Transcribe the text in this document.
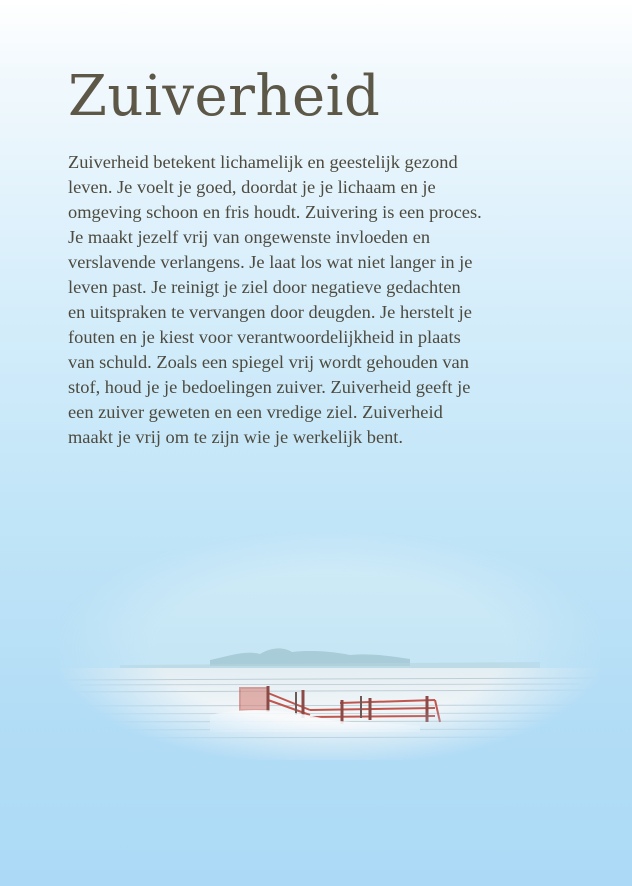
Zuiverheid

Zuiverheid betekent lichamelijk en geestelijk gezond
leven. Je voelt je goed, doordat je je lichaam en je
omgeving schoon en fris houdt. Zuivering is een proces.
Je maakt jezelf vrij van ongewenste invloeden en
verslavende verlangens. Je laat los wat niet langer in je
leven past. Je reinigt je ziel door negatieve gedachten
en uitspraken te vervangen door deugden. Je herstelt je
fouten en je kiest voor verantwoordelijkheid in plaats
van schuld. Zoals een spiegel vrij wordt gehouden van
stof, houd je je bedoelingen zuiver. Zuiverheid geeft je
een zuiver geweten en een vredige ziel. Zuiverheid
maakt je vrij om te zijn wie je werkelijk bent.
